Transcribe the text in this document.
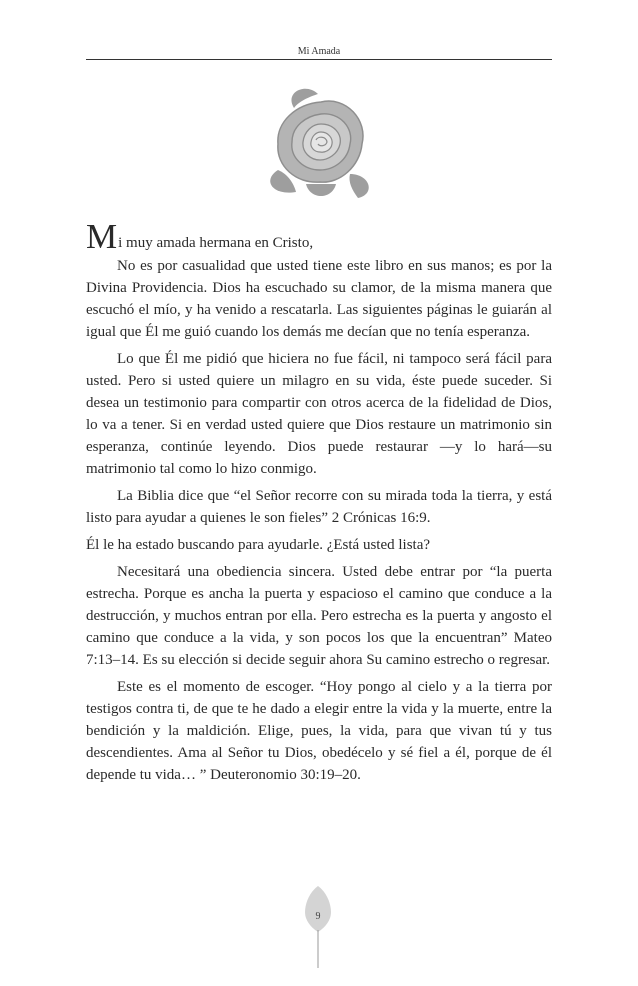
Mi Amada

Mi muy amada hermana en Cristo,

No es por casualidad que usted tiene este libro en sus manos; es por la Divina Providencia. Dios ha escuchado su clamor, de la misma manera que escuchó el mío, y ha venido a rescatarla. Las siguientes páginas le guiarán al igual que Él me guió cuando los demás me decían que no tenía esperanza.

Lo que Él me pidió que hiciera no fue fácil, ni tampoco será fácil para usted. Pero si usted quiere un milagro en su vida, éste puede suceder. Si desea un testimonio para compartir con otros acerca de la fidelidad de Dios, lo va a tener. Si en verdad usted quiere que Dios restaure un matrimonio sin esperanza, continúe leyendo. Dios puede restaurar —y lo hará—su matrimonio tal como lo hizo conmigo.

La Biblia dice que “el Señor recorre con su mirada toda la tierra, y está listo para ayudar a quienes le son fieles” 2 Crónicas 16:9.

Él le ha estado buscando para ayudarle. ¿Está usted lista?

Necesitará una obediencia sincera. Usted debe entrar por “la puerta estrecha. Porque es ancha la puerta y espacioso el camino que conduce a la destrucción, y muchos entran por ella. Pero estrecha es la puerta y angosto el camino que conduce a la vida, y son pocos los que la encuentran” Mateo 7:13–14. Es su elección si decide seguir ahora Su camino estrecho o regresar.

Este es el momento de escoger. “Hoy pongo al cielo y a la tierra por testigos contra ti, de que te he dado a elegir entre la vida y la muerte, entre la bendición y la maldición. Elige, pues, la vida, para que vivan tú y tus descendientes. Ama al Señor tu Dios, obedécelo y sé fiel a él, porque de él depende tu vida… ” Deuteronomio 30:19–20.

9
